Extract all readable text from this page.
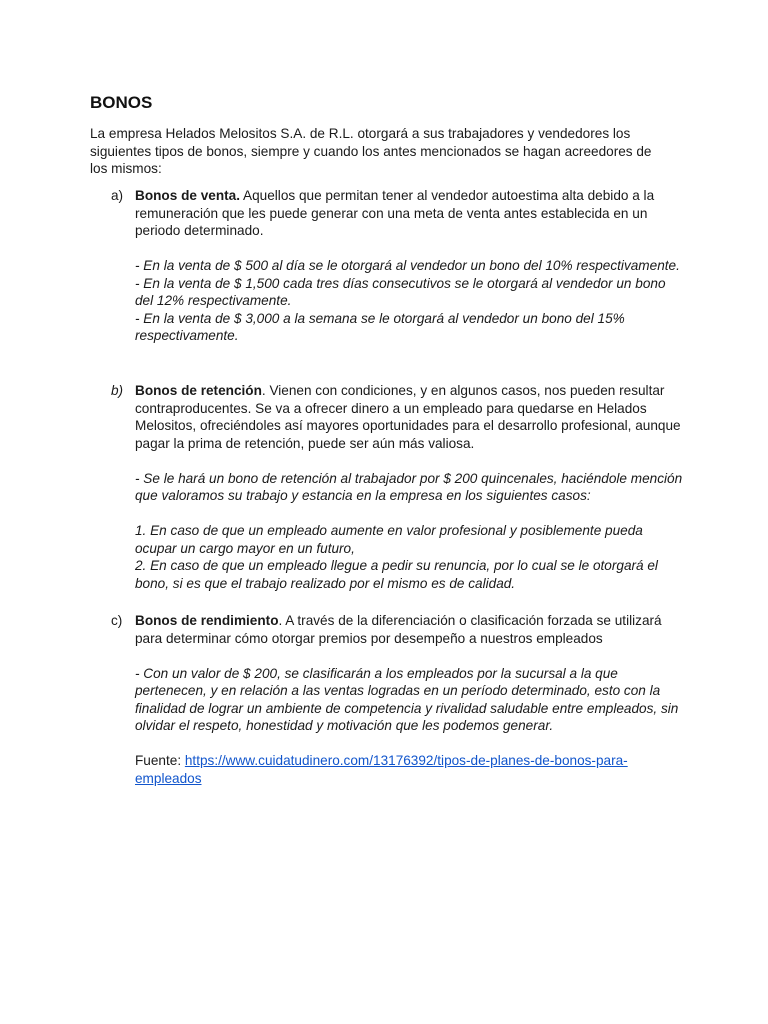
BONOS
La empresa Helados Melositos S.A. de R.L. otorgará a sus trabajadores y vendedores los siguientes tipos de bonos, siempre y cuando los antes mencionados se hagan acreedores de los mismos:
a) Bonos de venta. Aquellos que permitan tener al vendedor autoestima alta debido a la remuneración que les puede generar con una meta de venta antes establecida en un periodo determinado.

- En la venta de $ 500 al día se le otorgará al vendedor un bono del 10% respectivamente.

- En la venta de $ 1,500 cada tres días consecutivos se le otorgará al vendedor un bono del 12% respectivamente.

- En la venta de $ 3,000 a la semana se le otorgará al vendedor un bono del 15% respectivamente.

b) Bonos de retención. Vienen con condiciones, y en algunos casos, nos pueden resultar contraproducentes. Se va a ofrecer dinero a un empleado para quedarse en Helados Melositos, ofreciéndoles así mayores oportunidades para el desarrollo profesional, aunque pagar la prima de retención, puede ser aún más valiosa.

- Se le hará un bono de retención al trabajador por $ 200 quincenales, haciéndole mención que valoramos su trabajo y estancia en la empresa en los siguientes casos:

1. En caso de que un empleado aumente en valor profesional y posiblemente pueda ocupar un cargo mayor en un futuro,

2. En caso de que un empleado llegue a pedir su renuncia, por lo cual se le otorgará el bono, si es que el trabajo realizado por el mismo es de calidad.

c) Bonos de rendimiento. A través de la diferenciación o clasificación forzada se utilizará para determinar cómo otorgar premios por desempeño a nuestros empleados

- Con un valor de $ 200, se clasificarán a los empleados por la sucursal a la que pertenecen, y en relación a las ventas logradas en un período determinado, esto con la finalidad de lograr un ambiente de competencia y rivalidad saludable entre empleados, sin olvidar el respeto, honestidad y motivación que les podemos generar.

Fuente: https://www.cuidatudinero.com/13176392/tipos-de-planes-de-bonos-para-empleados
